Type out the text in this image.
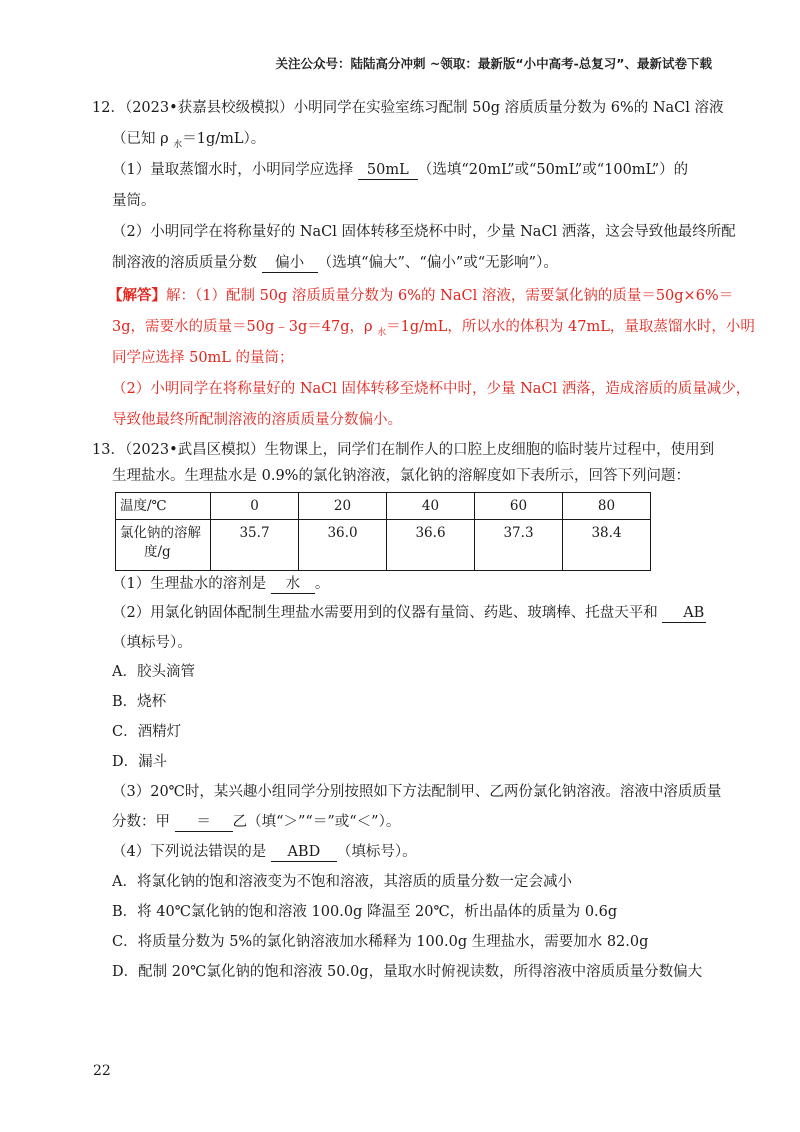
关注公众号：陆陆高分冲刺 ~领取：最新版“小中高考-总复习”、最新试卷下载
12．（2023•获嘉县校级模拟）小明同学在实验室练习配制 50g 溶质质量分数为 6%的 NaCl 溶液
（已知 ρ $_水$＝1g/mL）。
（1）量取蒸馏水时，小明同学应选择 50mL （选填“20mL”或“50mL”或“100mL”）的
量筒。
（2）小明同学在将称量好的 NaCl 固体转移至烧杯中时，少量 NaCl 洒落，这会导致他最终所配
制溶液的溶质质量分数 偏小 （选填“偏大”、“偏小”或“无影响”）。
【解答】解：（1）配制 50g 溶质质量分数为 6%的 NaCl 溶液，需要氯化钠的质量＝50g×6%＝
3g，需要水的质量＝50g﹣3g＝47g，ρ $_水$＝1g/mL，所以水的体积为 47mL，量取蒸馏水时，小明
同学应选择 50mL 的量筒；
（2）小明同学在将称量好的 NaCl 固体转移至烧杯中时，少量 NaCl 洒落，造成溶质的质量减少，
导致他最终所配制溶液的溶质质量分数偏小。
13．（2023•武昌区模拟）生物课上，同学们在制作人的口腔上皮细胞的临时装片过程中，使用到
生理盐水。生理盐水是 0.9%的氯化钠溶液，氯化钠的溶解度如下表所示，回答下列问题：
温度/℃	0	20	40	60	80
氯化钠的溶解
度/g	35.7	36.0	36.6	37.3	38.4
（1）生理盐水的溶剂是 水 。
（2）用氯化钠固体配制生理盐水需要用到的仪器有量筒、药匙、玻璃棒、托盘天平和 AB
（填标号）。
A．胶头滴管
B．烧杯
C．酒精灯
D．漏斗
（3）20℃时，某兴趣小组同学分别按照如下方法配制甲、乙两份氯化钠溶液。溶液中溶质质量
分数：甲 ＝ 乙（填“＞”“＝”或“＜”）。
（4）下列说法错误的是 ABD （填标号）。
A．将氯化钠的饱和溶液变为不饱和溶液，其溶质的质量分数一定会减小
B．将 40℃氯化钠的饱和溶液 100.0g 降温至 20℃，析出晶体的质量为 0.6g
C．将质量分数为 5%的氯化钠溶液加水稀释为 100.0g 生理盐水，需要加水 82.0g
D．配制 20℃氯化钠的饱和溶液 50.0g，量取水时俯视读数，所得溶液中溶质质量分数偏大
22
